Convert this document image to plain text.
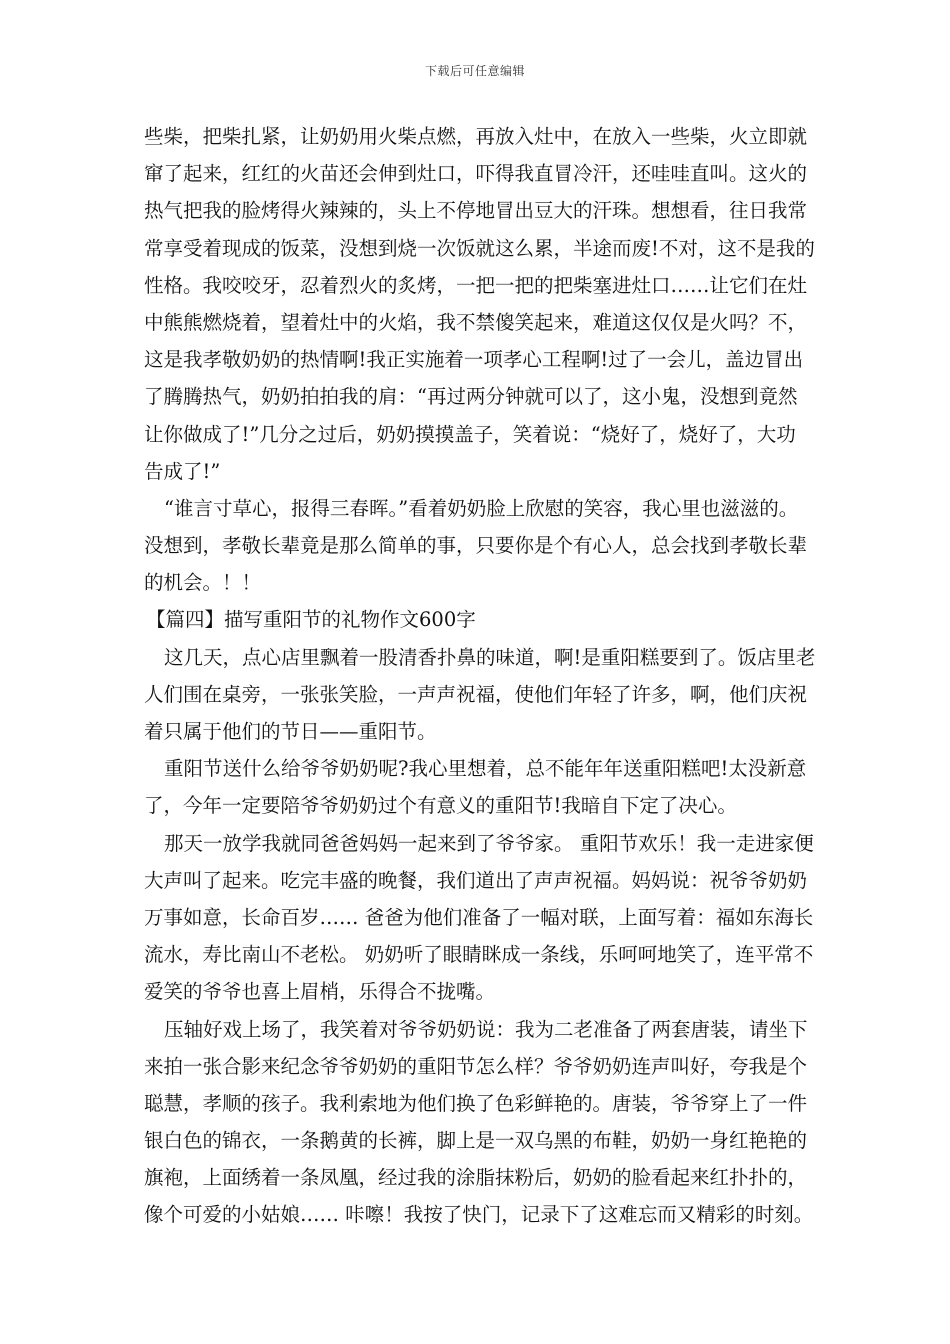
下载后可任意编辑
些柴，把柴扎紧，让奶奶用火柴点燃，再放入灶中，在放入一些柴，火立即就
窜了起来，红红的火苗还会伸到灶口，吓得我直冒冷汗，还哇哇直叫。这火的
热气把我的脸烤得火辣辣的，头上不停地冒出豆大的汗珠。想想看，往日我常
常享受着现成的饭菜，没想到烧一次饭就这么累，半途而废!不对，这不是我的
性格。我咬咬牙，忍着烈火的炙烤，一把一把的把柴塞进灶口……让它们在灶
中熊熊燃烧着，望着灶中的火焰，我不禁傻笑起来，难道这仅仅是火吗？不，
这是我孝敬奶奶的热情啊!我正实施着一项孝心工程啊!过了一会儿，盖边冒出
了腾腾热气，奶奶拍拍我的肩：“再过两分钟就可以了，这小鬼，没想到竟然
让你做成了!”几分之过后，奶奶摸摸盖子，笑着说：“烧好了，烧好了，大功
告成了!”
“谁言寸草心，报得三春晖。”看着奶奶脸上欣慰的笑容，我心里也滋滋的。
没想到，孝敬长辈竟是那么简单的事，只要你是个有心人，总会找到孝敬长辈
的机会。！！
【篇四】描写重阳节的礼物作文600字
这几天，点心店里飘着一股清香扑鼻的味道，啊!是重阳糕要到了。饭店里老
人们围在桌旁，一张张笑脸，一声声祝福，使他们年轻了许多，啊，他们庆祝
着只属于他们的节日——重阳节。
重阳节送什么给爷爷奶奶呢?我心里想着，总不能年年送重阳糕吧!太没新意
了，今年一定要陪爷爷奶奶过个有意义的重阳节!我暗自下定了决心。
那天一放学我就同爸爸妈妈一起来到了爷爷家。 重阳节欢乐！我一走进家便
大声叫了起来。吃完丰盛的晚餐，我们道出了声声祝福。妈妈说：祝爷爷奶奶
万事如意，长命百岁…… 爸爸为他们准备了一幅对联，上面写着：福如东海长
流水，寿比南山不老松。 奶奶听了眼睛眯成一条线，乐呵呵地笑了，连平常不
爱笑的爷爷也喜上眉梢，乐得合不拢嘴。
压轴好戏上场了，我笑着对爷爷奶奶说：我为二老准备了两套唐装，请坐下
来拍一张合影来纪念爷爷奶奶的重阳节怎么样？爷爷奶奶连声叫好，夸我是个
聪慧，孝顺的孩子。我利索地为他们换了色彩鲜艳的。唐装，爷爷穿上了一件
银白色的锦衣，一条鹅黄的长裤，脚上是一双乌黑的布鞋，奶奶一身红艳艳的
旗袍，上面绣着一条凤凰，经过我的涂脂抹粉后，奶奶的脸看起来红扑扑的，
像个可爱的小姑娘…… 咔嚓！我按了快门，记录下了这难忘而又精彩的时刻。
